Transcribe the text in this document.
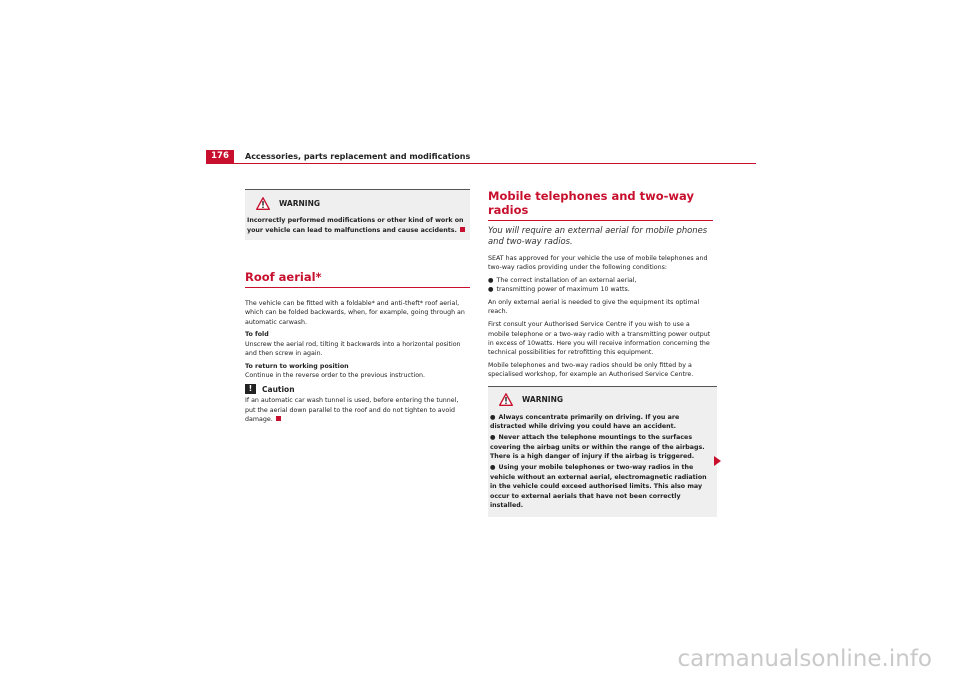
176	Accessories, parts replacement and modifications
WARNING
Incorrectly performed modifications or other kind of work on your vehicle can lead to malfunctions and cause accidents.
Roof aerial*

The vehicle can be fitted with a foldable* and anti-theft* roof aerial, which can be folded backwards, when, for example, going through an automatic carwash.

To fold

Unscrew the aerial rod, tilting it backwards into a horizontal position and then screw in again.

To return to working position

Continue in the reverse order to the previous instruction.

!	Caution

If an automatic car wash tunnel is used, before entering the tunnel, put the aerial down parallel to the roof and do not tighten to avoid damage.

Mobile telephones and two-way radios

You will require an external aerial for mobile phones and two-way radios.

SEAT has approved for your vehicle the use of mobile telephones and two-way radios providing under the following conditions:

● The correct installation of an external aerial,

● transmitting power of maximum 10 watts.

An only external aerial is needed to give the equipment its optimal reach.

First consult your Authorised Service Centre if you wish to use a mobile telephone or a two-way radio with a transmitting power output in excess of 10watts. Here you will receive information concerning the technical possibilities for retrofitting this equipment.

Mobile telephones and two-way radios should be only fitted by a specialised workshop, for example an Authorised Service Centre.

WARNING

● Always concentrate primarily on driving. If you are distracted while driving you could have an accident.

● Never attach the telephone mountings to the surfaces covering the airbag units or within the range of the airbags. There is a high danger of injury if the airbag is triggered.

● Using your mobile telephones or two-way radios in the vehicle without an external aerial, electromagnetic radiation in the vehicle could exceed authorised limits. This also may occur to external aerials that have not been correctly installed.

carmanualsonline.info
